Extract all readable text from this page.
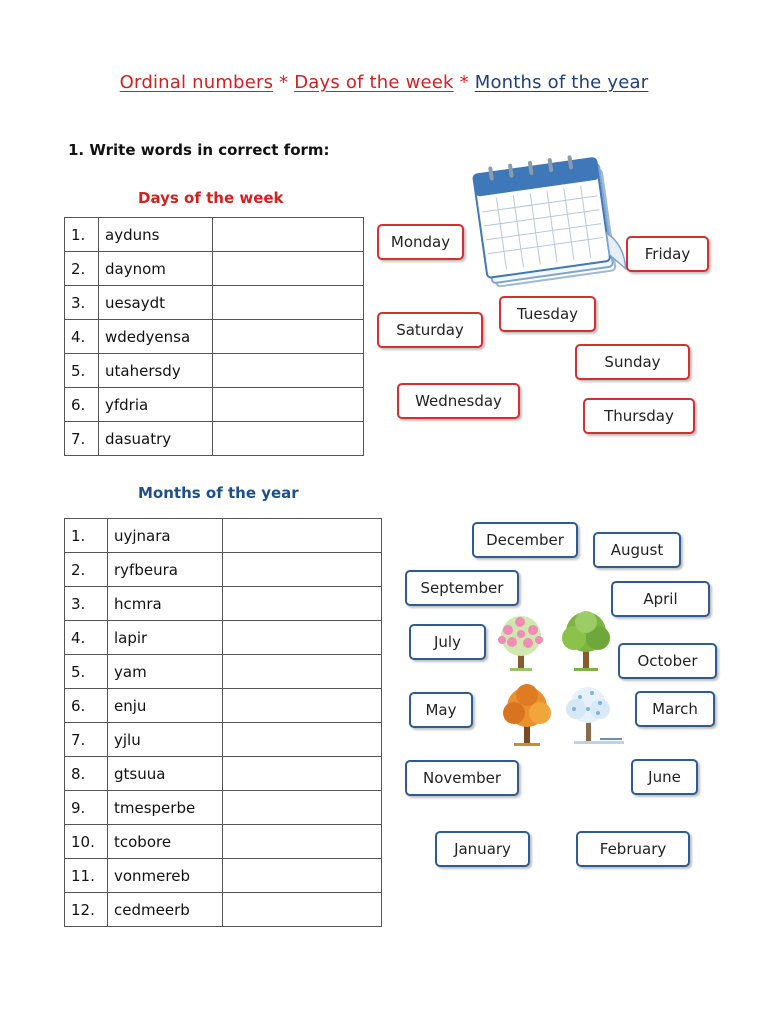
Ordinal numbers * Days of the week * Months of the year
1. Write words in correct form:
Days of the week
1.	ayduns	
2.	daynom	
3.	uesaydt	
4.	wdedyensa	
5.	utahersdy	
6.	yfdria	
7.	dasuatry	
Monday
Friday
Tuesday
Saturday
Sunday
Wednesday
Thursday
Months of the year
1.	uyjnara	
2.	ryfbeura	
3.	hcmra	
4.	lapir	
5.	yam	
6.	enju	
7.	yjlu	
8.	gtsuua	
9.	tmesperbe	
10.	tcobore	
11.	vonmereb	
12.	cedmeerb	
December
August
September
April
July
October
May	March
November	June
January	February
